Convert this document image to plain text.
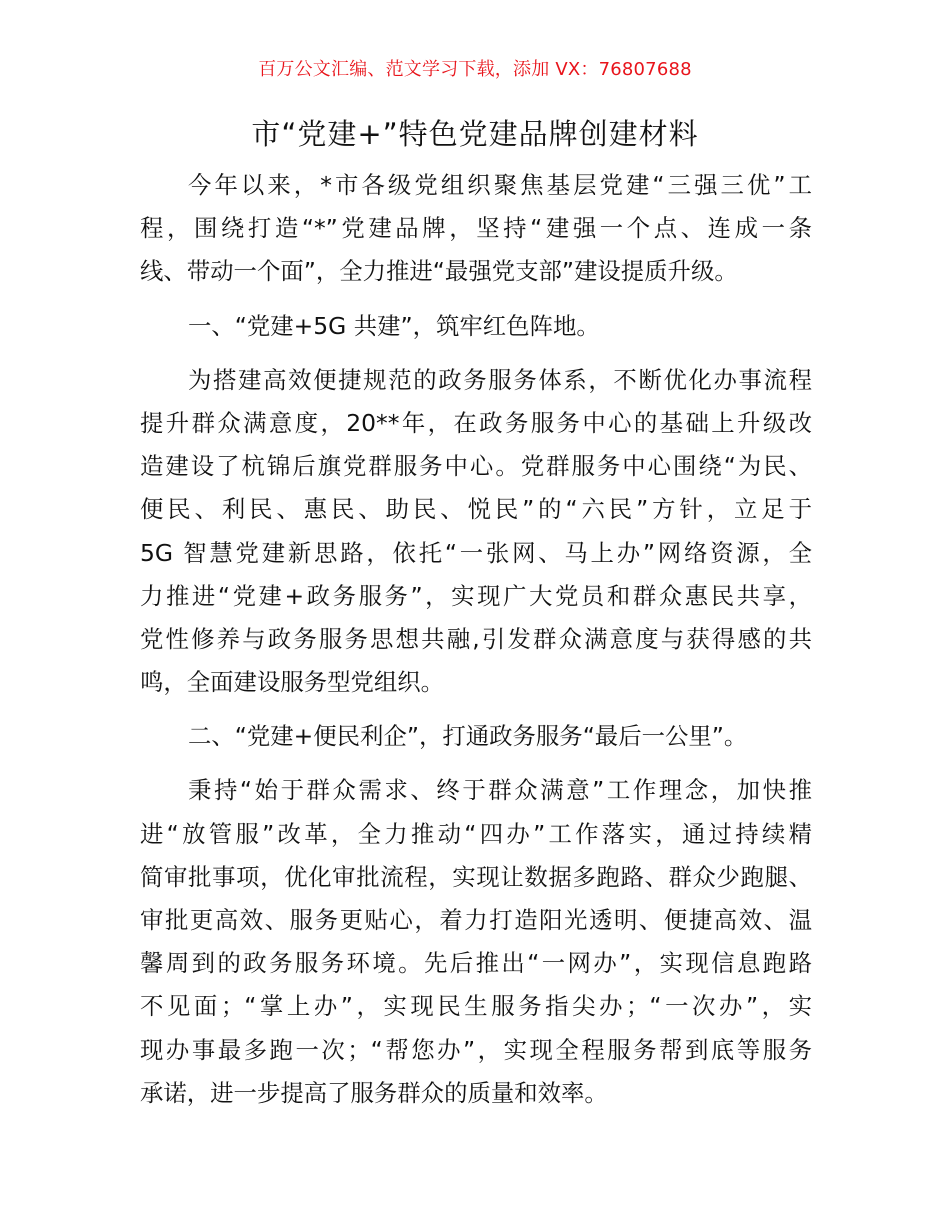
百万公文汇编、范文学习下载，添加 VX：76807688
市“党建+”特色党建品牌创建材料
今年以来，*市各级党组织聚焦基层党建“三强三优”工
程，围绕打造“*”党建品牌，坚持“建强一个点、连成一条
线、带动一个面”，全力推进“最强党支部”建设提质升级。
一、“党建+5G 共建”，筑牢红色阵地。
为搭建高效便捷规范的政务服务体系，不断优化办事流程
提升群众满意度，20**年，在政务服务中心的基础上升级改
造建设了杭锦后旗党群服务中心。党群服务中心围绕“为民、
便民、利民、惠民、助民、悦民”的“六民”方针，立足于
5G 智慧党建新思路，依托“一张网、马上办”网络资源，全
力推进“党建+政务服务”，实现广大党员和群众惠民共享，
党性修养与政务服务思想共融,引发群众满意度与获得感的共
鸣，全面建设服务型党组织。
二、“党建+便民利企”，打通政务服务“最后一公里”。
秉持“始于群众需求、终于群众满意”工作理念，加快推
进“放管服”改革，全力推动“四办”工作落实，通过持续精
简审批事项，优化审批流程，实现让数据多跑路、群众少跑腿、
审批更高效、服务更贴心，着力打造阳光透明、便捷高效、温
馨周到的政务服务环境。先后推出“一网办”，实现信息跑路
不见面；“掌上办”，实现民生服务指尖办；“一次办”，实
现办事最多跑一次；“帮您办”，实现全程服务帮到底等服务
承诺，进一步提高了服务群众的质量和效率。
